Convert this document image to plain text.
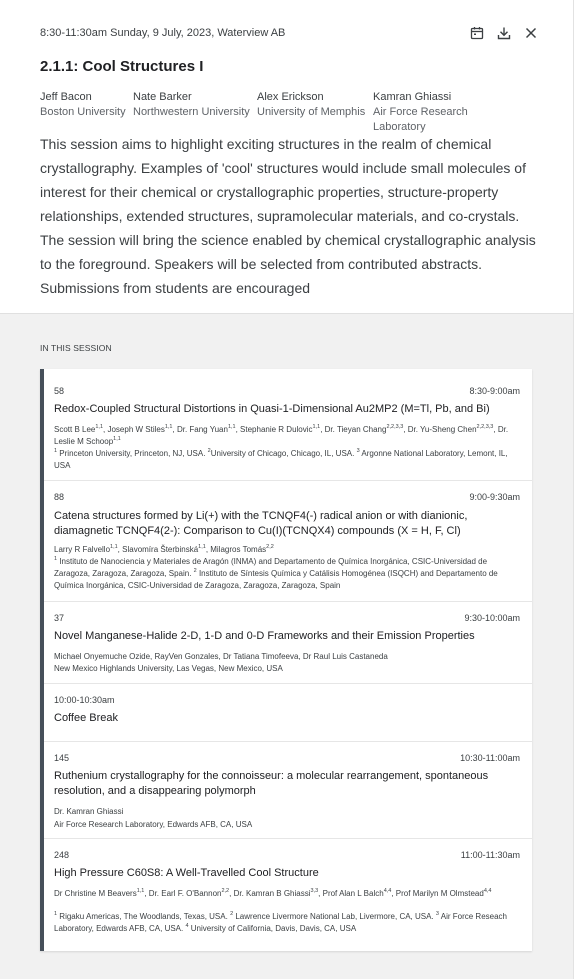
8:30-11:30am Sunday, 9 July, 2023, Waterview AB
2.1.1: Cool Structures I
Jeff Bacon
Boston University
Nate Barker
Northwestern University
Alex Erickson
University of Memphis
Kamran Ghiassi
Air Force Research Laboratory
This session aims to highlight exciting structures in the realm of chemical crystallography. Examples of 'cool' structures would include small molecules of interest for their chemical or crystallographic properties, structure-property relationships, extended structures, supramolecular materials, and co-crystals. The session will bring the science enabled by chemical crystallographic analysis to the foreground. Speakers will be selected from contributed abstracts. Submissions from students are encouraged
IN THIS SESSION
58	8:30-9:00am
Redox-Coupled Structural Distortions in Quasi-1-Dimensional Au2MP2 (M=Tl, Pb, and Bi)
Scott B Lee$^{1,1}$, Joseph W Stiles$^{1,1}$, Dr. Fang Yuan$^{1,1}$, Stephanie R Dulovic$^{1,1}$, Dr. Tieyan Chang$^{2,2,3,3}$, Dr. Yu-Sheng Chen$^{2,2,3,3}$, Dr. Leslie M Schoop$^{1,1}$
$^1$ Princeton University, Princeton, NJ, USA. $^2$University of Chicago, Chicago, IL, USA. $^3$ Argonne National Laboratory, Lemont, IL, USA
88	9:00-9:30am
Catena structures formed by Li(+) with the TCNQF4(-) radical anion or with dianionic, diamagnetic TCNQF4(2-): Comparison to Cu(I)(TCNQX4) compounds (X = H, F, Cl)
Larry R Falvello$^{1,1}$, Slavomíra Šterbinská$^{1,1}$, Milagros Tomás$^{2,2}$
$^1$ Instituto de Nanociencia y Materiales de Aragón (INMA) and Departamento de Química Inorgánica, CSIC-Universidad de Zaragoza, Zaragoza, Zaragoza, Spain. $^2$ Instituto de Síntesis Química y Catálisis Homogénea (ISQCH) and Departamento de Química Inorgánica, CSIC-Universidad de Zaragoza, Zaragoza, Zaragoza, Spain
37	9:30-10:00am
Novel Manganese-Halide 2-D, 1-D and 0-D Frameworks and their Emission Properties
Michael Onyemuche Ozide, RayVen Gonzales, Dr Tatiana Timofeeva, Dr Raul Luis Castaneda
New Mexico Highlands University, Las Vegas, New Mexico, USA
10:00-10:30am
Coffee Break
145	10:30-11:00am
Ruthenium crystallography for the connoisseur: a molecular rearrangement, spontaneous resolution, and a disappearing polymorph
Dr. Kamran Ghiassi
Air Force Research Laboratory, Edwards AFB, CA, USA
248	11:00-11:30am
High Pressure C60S8: A Well-Travelled Cool Structure
Dr Christine M Beavers$^{1,1}$, Dr. Earl F. O'Bannon$^{2,2}$, Dr. Kamran B Ghiassi$^{3,3}$, Prof Alan L Balch$^{4,4}$, Prof Marilyn M Olmstead$^{4,4}$
$^1$ Rigaku Americas, The Woodlands, Texas, USA. $^2$ Lawrence Livermore National Lab, Livermore, CA, USA. $^3$ Air Force Reseach Laboratory, Edwards AFB, CA, USA. $^4$ University of California, Davis, Davis, CA, USA
